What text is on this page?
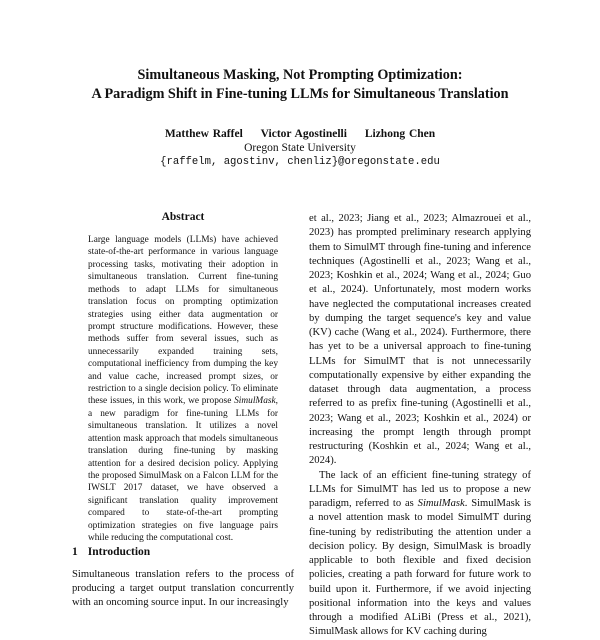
Simultaneous Masking, Not Prompting Optimization:
A Paradigm Shift in Fine-tuning LLMs for Simultaneous Translation
Matthew Raffel Victor Agostinelli Lizhong Chen
Oregon State University
{raffelm, agostinv, chenliz}@oregonstate.edu
Abstract
Large language models (LLMs) have achieved state-of-the-art performance in various language processing tasks, motivating their adoption in simultaneous translation. Current fine-tuning methods to adapt LLMs for simultaneous translation focus on prompting optimization strategies using either data augmentation or prompt structure modifications. However, these methods suffer from several issues, such as unnecessarily expanded training sets, computational inefficiency from dumping the key and value cache, increased prompt sizes, or restriction to a single decision policy. To eliminate these issues, in this work, we propose SimulMask, a new paradigm for fine-tuning LLMs for simultaneous translation. It utilizes a novel attention mask approach that models simultaneous translation during fine-tuning by masking attention for a desired decision policy. Applying the proposed SimulMask on a Falcon LLM for the IWSLT 2017 dataset, we have observed a significant translation quality improvement compared to state-of-the-art prompting optimization strategies on five language pairs while reducing the computational cost.
1 Introduction
Simultaneous translation refers to the process of producing a target output translation concurrently with an oncoming source input. In our increasingly

et al., 2023; Jiang et al., 2023; Almazrouei et al., 2023) has prompted preliminary research applying them to SimulMT through fine-tuning and inference techniques (Agostinelli et al., 2023; Wang et al., 2023; Koshkin et al., 2024; Wang et al., 2024; Guo et al., 2024). Unfortunately, most modern works have neglected the computational increases created by dumping the target sequence's key and value (KV) cache (Wang et al., 2024). Furthermore, there has yet to be a universal approach to fine-tuning LLMs for SimulMT that is not unnecessarily computationally expensive by either expanding the dataset through data augmentation, a process referred to as prefix fine-tuning (Agostinelli et al., 2023; Wang et al., 2023; Koshkin et al., 2024) or increasing the prompt length through prompt restructuring (Koshkin et al., 2024; Wang et al., 2024).

The lack of an efficient fine-tuning strategy of LLMs for SimulMT has led us to propose a new paradigm, referred to as SimulMask. SimulMask is a novel attention mask to model SimulMT during fine-tuning by redistributing the attention under a decision policy. By design, SimulMask is broadly applicable to both flexible and fixed decision policies, creating a path forward for future work to build upon it. Furthermore, if we avoid injecting positional information into the keys and values through a modified ALiBi (Press et al., 2021), SimulMask allows for KV caching during
